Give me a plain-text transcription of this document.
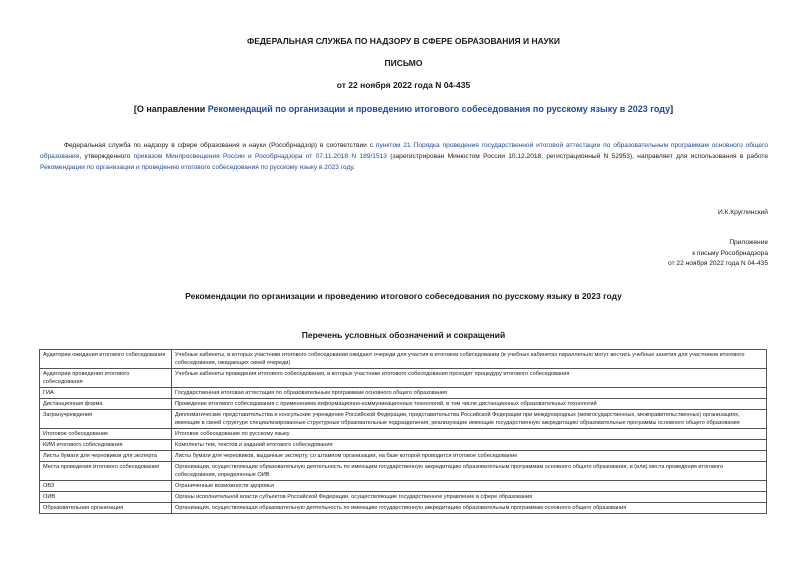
ФЕДЕРАЛЬНАЯ СЛУЖБА ПО НАДЗОРУ В СФЕРЕ ОБРАЗОВАНИЯ И НАУКИ
ПИСЬМО
от 22 ноября 2022 года N 04-435
[О направлении Рекомендаций по организации и проведению итогового собеседования по русскому языку в 2023 году]
Федеральная служба по надзору в сфере образования и науки (Рособрнадзор) в соответствии с пунктом 21 Порядка проведения государственной итоговой аттестации по образовательным программам основного общего образования, утвержденного приказом Минпросвещения России и Рособрнадзора от 07.11.2018 N 189/1513 (зарегистрирован Минюстом России 10.12.2018, регистрационный N 52953), направляет для использования в работе Рекомендации по организации и проведению итогового собеседования по русскому языку в 2023 году.
И.К.Круглинский
Приложение
к письму Рособрнадзора
от 22 ноября 2022 года N 04-435
Рекомендации по организации и проведению итогового собеседования по русскому языку в 2023 году
Перечень условных обозначений и сокращений
Аудитории ожидания итогового собеседования	Учебные кабинеты, в которых участники итогового собеседования ожидают очереди для участия в итоговом собеседовании (в учебных кабинетах параллельно могут вестись учебные занятия для участников итогового собеседования, ожидающих своей очереди)
Аудитории проведения итогового собеседования	Учебные кабинеты проведения итогового собеседования, в которых участники итогового собеседования проходят процедуру итогового собеседования
ГИА	Государственная итоговая аттестация по образовательным программам основного общего образования
Дистанционная форма	Проведение итогового собеседования с применением информационно-коммуникационных технологий, в том числе дистанционных образовательных технологий
Загранучреждения	Дипломатические представительства и консульские учреждения Российской Федерации, представительства Российской Федерации при международных (межгосударственных, межправительственных) организациях, имеющие в своей структуре специализированные структурные образовательные подразделения, реализующие имеющие государственную аккредитацию образовательные программы основного общего образования
Итоговое собеседование	Итоговое собеседование по русскому языку
КИМ итогового собеседования	Комплекты тем, текстов и заданий итогового собеседования
Листы бумаги для черновиков для эксперта	Листы бумаги для черновиков, выданные эксперту, со штампом организации, на базе которой проводится итоговое собеседование
Места проведения итогового собеседования	Организации, осуществляющие образовательную деятельность по имеющим государственную аккредитацию образовательным программам основного общего образования, и (или) места проведения итогового собеседования, определенные ОИВ
ОВЗ	Ограниченные возможности здоровья
ОИВ	Органы исполнительной власти субъектов Российской Федерации, осуществляющие государственное управление в сфере образования
Образовательная организация	Организация, осуществляющая образовательную деятельность по имеющим государственную аккредитацию образовательным программам основного общего образования
